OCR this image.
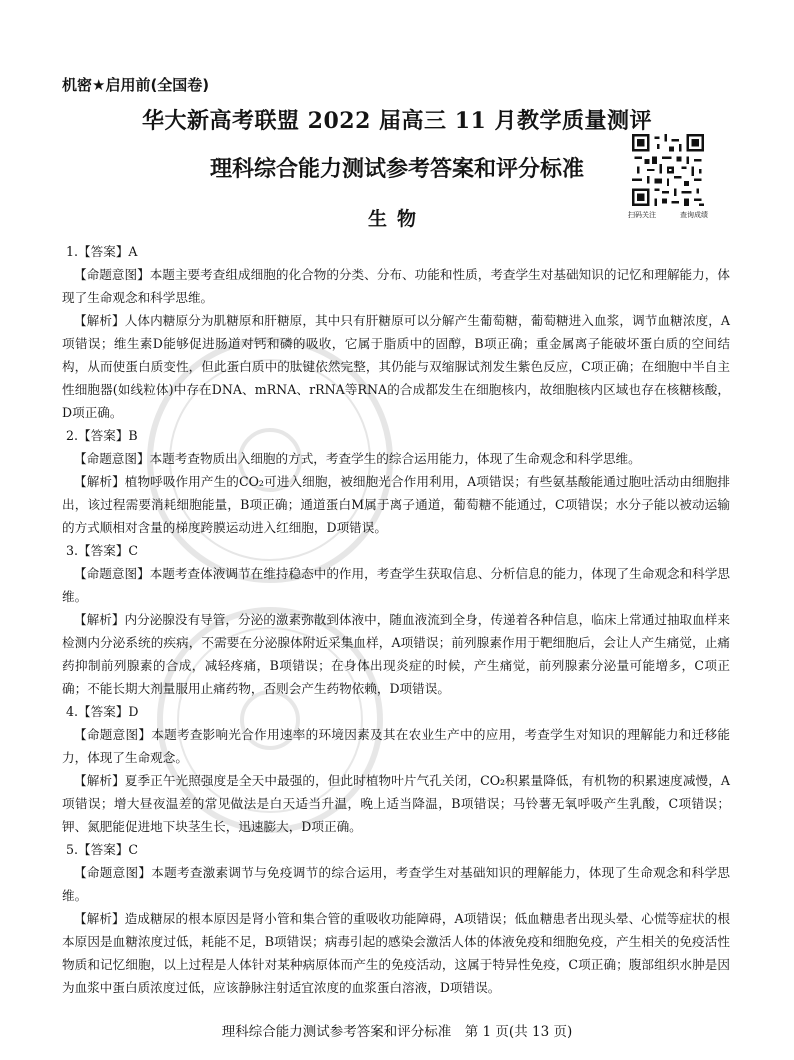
机密★启用前(全国卷)
华大新高考联盟 2022 届高三 11 月教学质量测评
理科综合能力测试参考答案和评分标准
生物	扫码关注	查询成绩
1.【答案】A
【命题意图】本题主要考查组成细胞的化合物的分类、分布、功能和性质，考查学生对基础知识的记忆和理解能力，体现了生命观念和科学思维。
【解析】人体内糖原分为肌糖原和肝糖原，其中只有肝糖原可以分解产生葡萄糖，葡萄糖进入血浆，调节血糖浓度，A项错误；维生素D能够促进肠道对钙和磷的吸收，它属于脂质中的固醇，B项正确；重金属离子能破坏蛋白质的空间结构，从而使蛋白质变性，但此蛋白质中的肽键依然完整，其仍能与双缩脲试剂发生紫色反应，C项正确；在细胞中半自主性细胞器(如线粒体)中存在DNA、mRNA、rRNA等RNA的合成都发生在细胞核内，故细胞核内区域也存在核糖核酸，D项正确。
2.【答案】B
【命题意图】本题考查物质出入细胞的方式，考查学生的综合运用能力，体现了生命观念和科学思维。
【解析】植物呼吸作用产生的CO₂可进入细胞，被细胞光合作用利用，A项错误；有些氨基酸能通过胞吐活动由细胞排出，该过程需要消耗细胞能量，B项正确；通道蛋白M属于离子通道，葡萄糖不能通过，C项错误；水分子能以被动运输的方式顺相对含量的梯度跨膜运动进入红细胞，D项错误。
3.【答案】C
【命题意图】本题考查体液调节在维持稳态中的作用，考查学生获取信息、分析信息的能力，体现了生命观念和科学思维。
【解析】内分泌腺没有导管，分泌的激素弥散到体液中，随血液流到全身，传递着各种信息，临床上常通过抽取血样来检测内分泌系统的疾病，不需要在分泌腺体附近采集血样，A项错误；前列腺素作用于靶细胞后，会让人产生痛觉，止痛药抑制前列腺素的合成，减轻疼痛，B项错误；在身体出现炎症的时候，产生痛觉，前列腺素分泌量可能增多，C项正确；不能长期大剂量服用止痛药物，否则会产生药物依赖，D项错误。
4.【答案】D
【命题意图】本题考查影响光合作用速率的环境因素及其在农业生产中的应用，考查学生对知识的理解能力和迁移能力，体现了生命观念。
【解析】夏季正午光照强度是全天中最强的，但此时植物叶片气孔关闭，CO₂积累量降低，有机物的积累速度减慢，A项错误；增大昼夜温差的常见做法是白天适当升温，晚上适当降温，B项错误；马铃薯无氧呼吸产生乳酸，C项错误；钾、氮肥能促进地下块茎生长，迅速膨大，D项正确。
5.【答案】C
【命题意图】本题考查激素调节与免疫调节的综合运用，考查学生对基础知识的理解能力，体现了生命观念和科学思维。
【解析】造成糖尿的根本原因是肾小管和集合管的重吸收功能障碍，A项错误；低血糖患者出现头晕、心慌等症状的根本原因是血糖浓度过低，耗能不足，B项错误；病毒引起的感染会激活人体的体液免疫和细胞免疫，产生相关的免疫活性物质和记忆细胞，以上过程是人体针对某种病原体而产生的免疫活动，这属于特异性免疫，C项正确；腹部组织水肿是因为血浆中蛋白质浓度过低，应该静脉注射适宜浓度的血浆蛋白溶液，D项错误。
理科综合能力测试参考答案和评分标准　第 1 页(共 13 页)
